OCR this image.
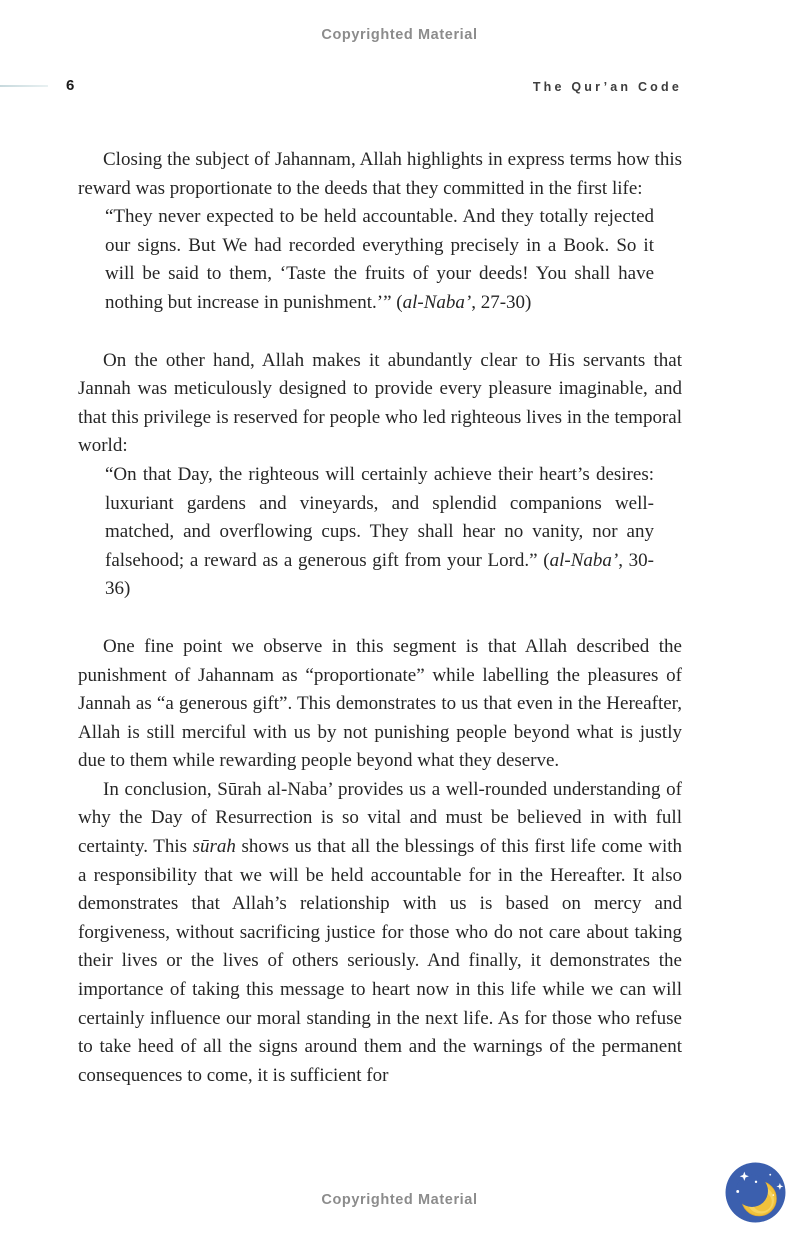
Copyrighted Material
6	The Qur’an Code

Closing the subject of Jahannam, Allah highlights in express terms how this reward was proportionate to the deeds that they committed in the first life:

“They never expected to be held accountable. And they totally rejected our signs. But We had recorded everything precisely in a Book. So it will be said to them, ‘Taste the fruits of your deeds! You shall have nothing but increase in punishment.’” (al-Naba’, 27-30)

On the other hand, Allah makes it abundantly clear to His servants that Jannah was meticulously designed to provide every pleasure imaginable, and that this privilege is reserved for people who led righteous lives in the temporal world:

“On that Day, the righteous will certainly achieve their heart’s desires: luxuriant gardens and vineyards, and splendid companions well-matched, and overflowing cups. They shall hear no vanity, nor any falsehood; a reward as a generous gift from your Lord.” (al-Naba’, 30-36)

One fine point we observe in this segment is that Allah described the punishment of Jahannam as “proportionate” while labelling the pleasures of Jannah as “a generous gift”. This demonstrates to us that even in the Hereafter, Allah is still merciful with us by not punishing people beyond what is justly due to them while rewarding people beyond what they deserve.

In conclusion, Sūrah al-Naba’ provides us a well-rounded understanding of why the Day of Resurrection is so vital and must be believed in with full certainty. This sūrah shows us that all the blessings of this first life come with a responsibility that we will be held accountable for in the Hereafter. It also demonstrates that Allah’s relationship with us is based on mercy and forgiveness, without sacrificing justice for those who do not care about taking their lives or the lives of others seriously. And finally, it demonstrates the importance of taking this message to heart now in this life while we can will certainly influence our moral standing in the next life. As for those who refuse to take heed of all the signs around them and the warnings of the permanent consequences to come, it is sufficient for

Copyrighted Material
